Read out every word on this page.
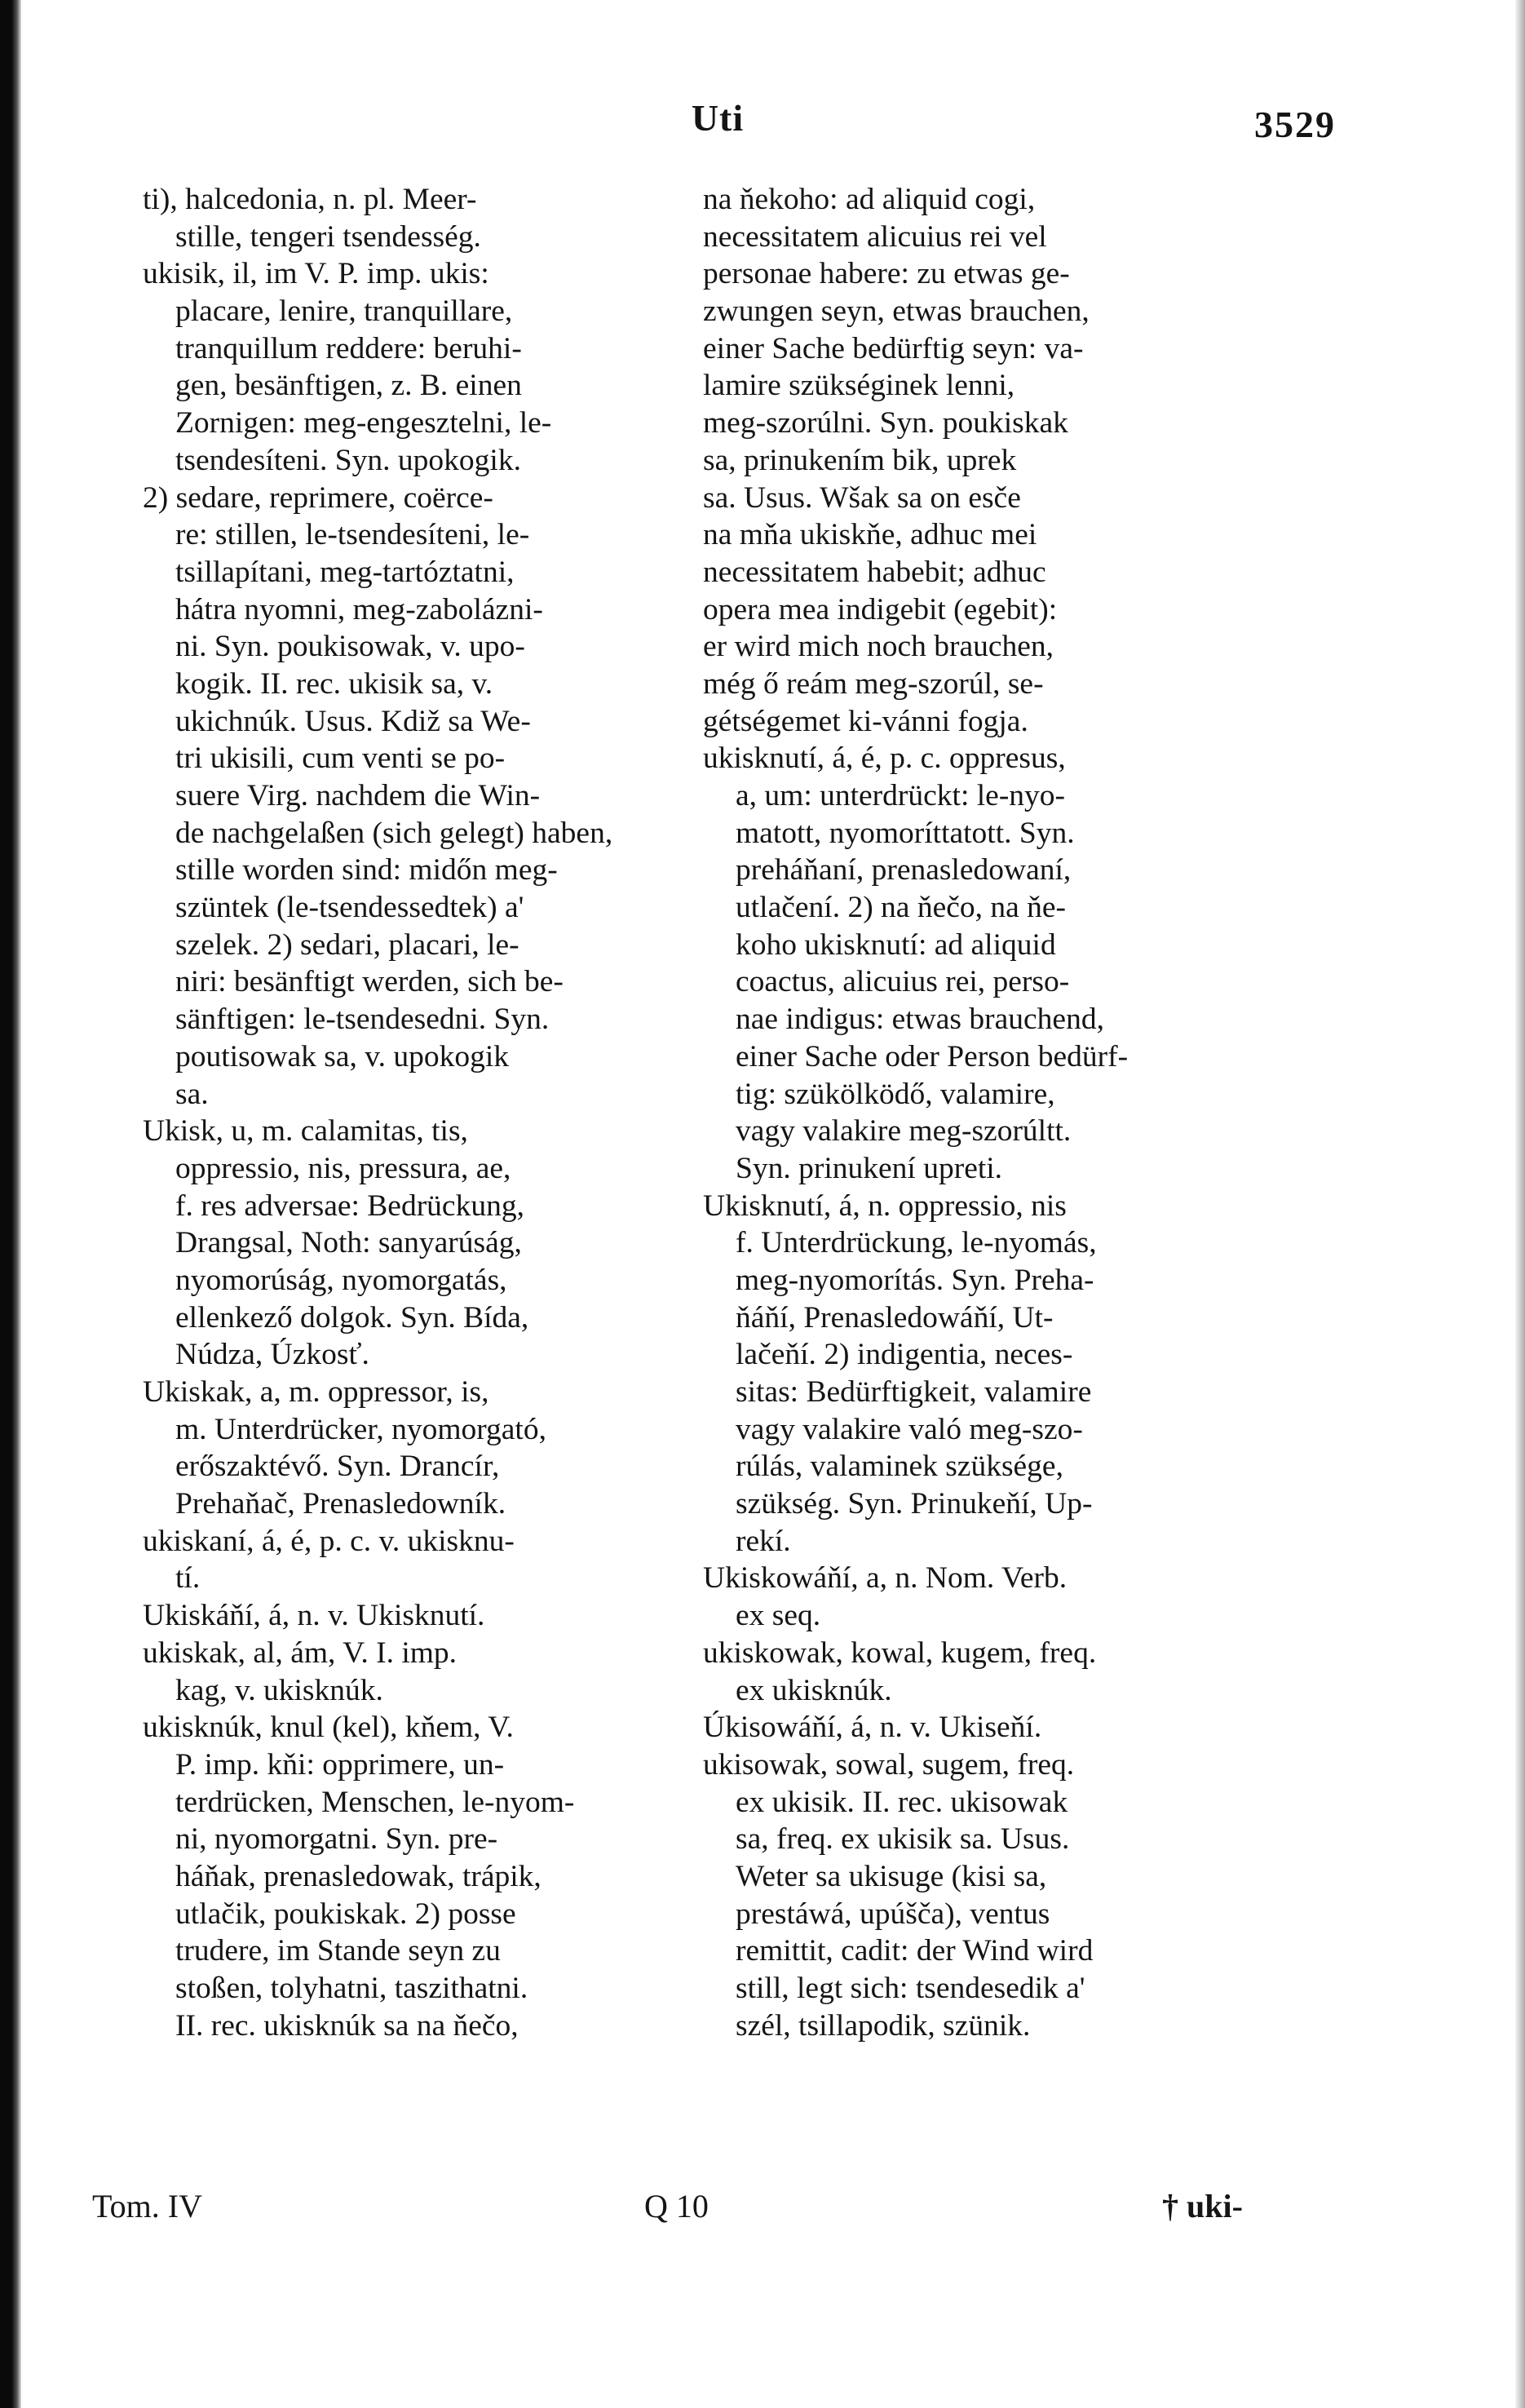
Uti	3529
ti), halcedonia, n. pl. Meer-
stille, tengeri tsendesség.
ukisik, il, im V. P. imp. ukis:
placare, lenire, tranquillare,
tranquillum reddere: beruhi-
gen, besänftigen, z. B. einen
Zornigen: meg-engesztelni, le-
tsendesíteni. Syn. upokogik.
2) sedare, reprimere, coërce-
re: stillen, le-tsendesíteni, le-
tsillapítani, meg-tartóztatni,
hátra nyomni, meg-zabolázni-
ni. Syn. poukisowak, v. upo-
kogik. II. rec. ukisik sa, v.
ukichnúk. Usus. Kdiž sa We-
tri ukisili, cum venti se po-
suere Virg. nachdem die Win-
de nachgelaßen (sich gelegt) haben,
stille worden sind: midőn meg-
szüntek (le-tsendessedtek) a'
szelek. 2) sedari, placari, le-
niri: besänftigt werden, sich be-
sänftigen: le-tsendesedni. Syn.
poutisowak sa, v. upokogik
sa.
Ukisk, u, m. calamitas, tis,
oppressio, nis, pressura, ae,
f. res adversae: Bedrückung,
Drangsal, Noth: sanyarúság,
nyomorúság, nyomorgatás,
ellenkező dolgok. Syn. Bída,
Núdza, Úzkosť.
Ukiskak, a, m. oppressor, is,
m. Unterdrücker, nyomorgató,
erőszaktévő. Syn. Drancír,
Prehaňač, Prenasledowník.
ukiskaní, á, é, p. c. v. ukisknu-
tí.
Ukiskáňí, á, n. v. Ukisknutí.
ukiskak, al, ám, V. I. imp.
kag, v. ukisknúk.
ukisknúk, knul (kel), kňem, V.
P. imp. kňi: opprimere, un-
terdrücken, Menschen, le-nyom-
ni, nyomorgatni. Syn. pre-
háňak, prenasledowak, trápik,
utlačik, poukiskak. 2) posse
trudere, im Stande seyn zu
stoßen, tolyhatni, taszithatni.
II. rec. ukisknúk sa na ňečo,
na ňekoho: ad aliquid cogi,
necessitatem alicuius rei vel
personae habere: zu etwas ge-
zwungen seyn, etwas brauchen,
einer Sache bedürftig seyn: va-
lamire szükséginek lenni,
meg-szorúlni. Syn. poukiskak
sa, prinukením bik, uprek
sa. Usus. Wšak sa on esče
na mňa ukiskňe, adhuc mei
necessitatem habebit; adhuc
opera mea indigebit (egebit):
er wird mich noch brauchen,
még ő reám meg-szorúl, se-
gétségemet ki-vánni fogja.
ukisknutí, á, é, p. c. oppresus,
a, um: unterdrückt: le-nyo-
matott, nyomoríttatott. Syn.
preháňaní, prenasledowaní,
utlačení. 2) na ňečo, na ňe-
koho ukisknutí: ad aliquid
coactus, alicuius rei, perso-
nae indigus: etwas brauchend,
einer Sache oder Person bedürf-
tig: szükölködő, valamire,
vagy valakire meg-szorúltt.
Syn. prinukení upreti.
Ukisknutí, á, n. oppressio, nis
f. Unterdrückung, le-nyomás,
meg-nyomorítás. Syn. Preha-
ňáňí, Prenasledowáňí, Ut-
lačeňí. 2) indigentia, neces-
sitas: Bedürftigkeit, valamire
vagy valakire való meg-szo-
rúlás, valaminek szüksége,
szükség. Syn. Prinukeňí, Up-
rekí.
Ukiskowáňí, a, n. Nom. Verb.
ex seq.
ukiskowak, kowal, kugem, freq.
ex ukisknúk.
Úkisowáňí, á, n. v. Ukiseňí.
ukisowak, sowal, sugem, freq.
ex ukisik. II. rec. ukisowak
sa, freq. ex ukisik sa. Usus.
Weter sa ukisuge (kisi sa,
prestáwá, upúšča), ventus
remittit, cadit: der Wind wird
still, legt sich: tsendesedik a'
szél, tsillapodik, szünik.
Tom. IV	Q 10	† uki-
